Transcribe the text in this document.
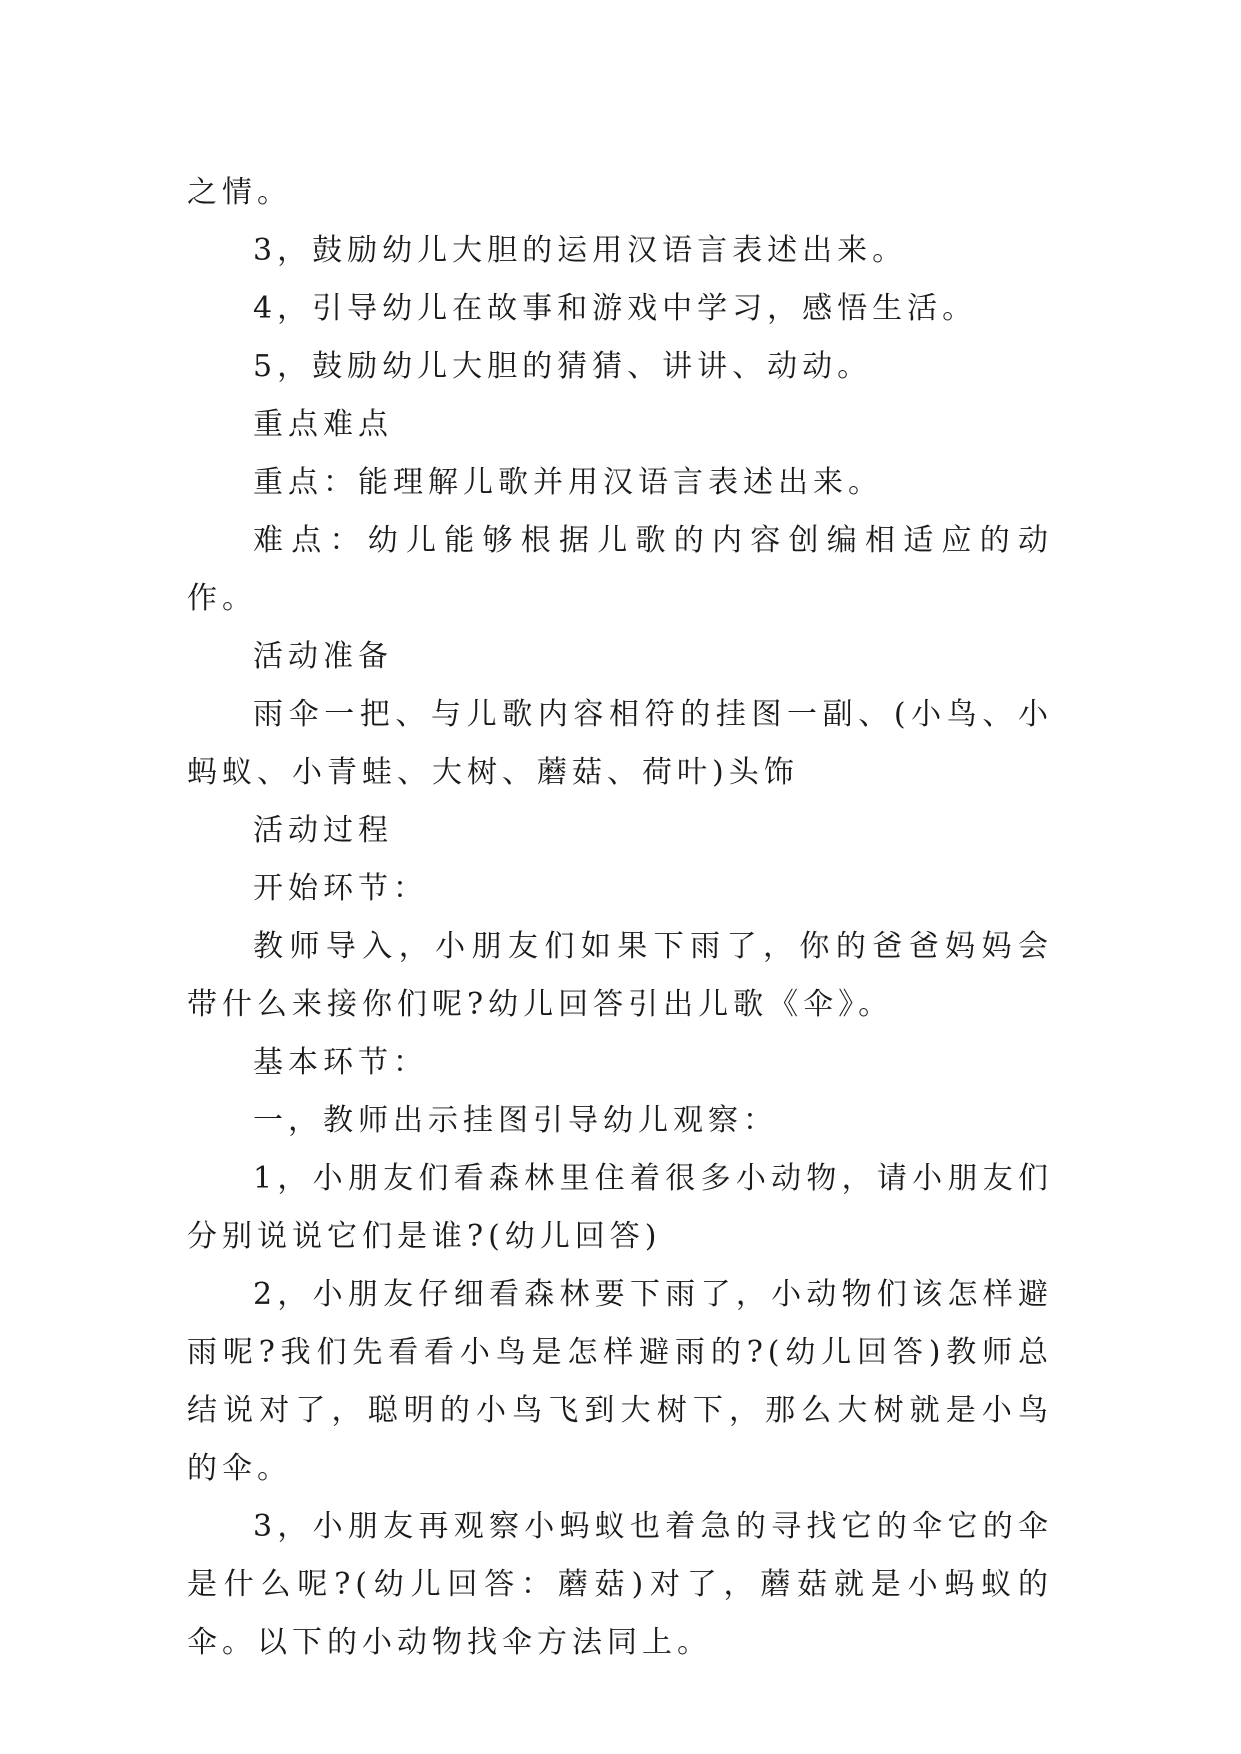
之情。

3，鼓励幼儿大胆的运用汉语言表述出来。

4，引导幼儿在故事和游戏中学习，感悟生活。

5，鼓励幼儿大胆的猜猜、讲讲、动动。

重点难点

重点：能理解儿歌并用汉语言表述出来。

难点：幼儿能够根据儿歌的内容创编相适应的动作。

活动准备

雨伞一把、与儿歌内容相符的挂图一副、(小鸟、小蚂蚁、小青蛙、大树、蘑菇、荷叶)头饰

活动过程

开始环节：

教师导入，小朋友们如果下雨了，你的爸爸妈妈会带什么来接你们呢?幼儿回答引出儿歌《伞》。

基本环节：

一，教师出示挂图引导幼儿观察：

1，小朋友们看森林里住着很多小动物，请小朋友们分别说说它们是谁?(幼儿回答)

2，小朋友仔细看森林要下雨了，小动物们该怎样避雨呢?我们先看看小鸟是怎样避雨的?(幼儿回答)教师总结说对了，聪明的小鸟飞到大树下，那么大树就是小鸟的伞。

3，小朋友再观察小蚂蚁也着急的寻找它的伞它的伞是什么呢?(幼儿回答：蘑菇)对了，蘑菇就是小蚂蚁的伞。以下的小动物找伞方法同上。
